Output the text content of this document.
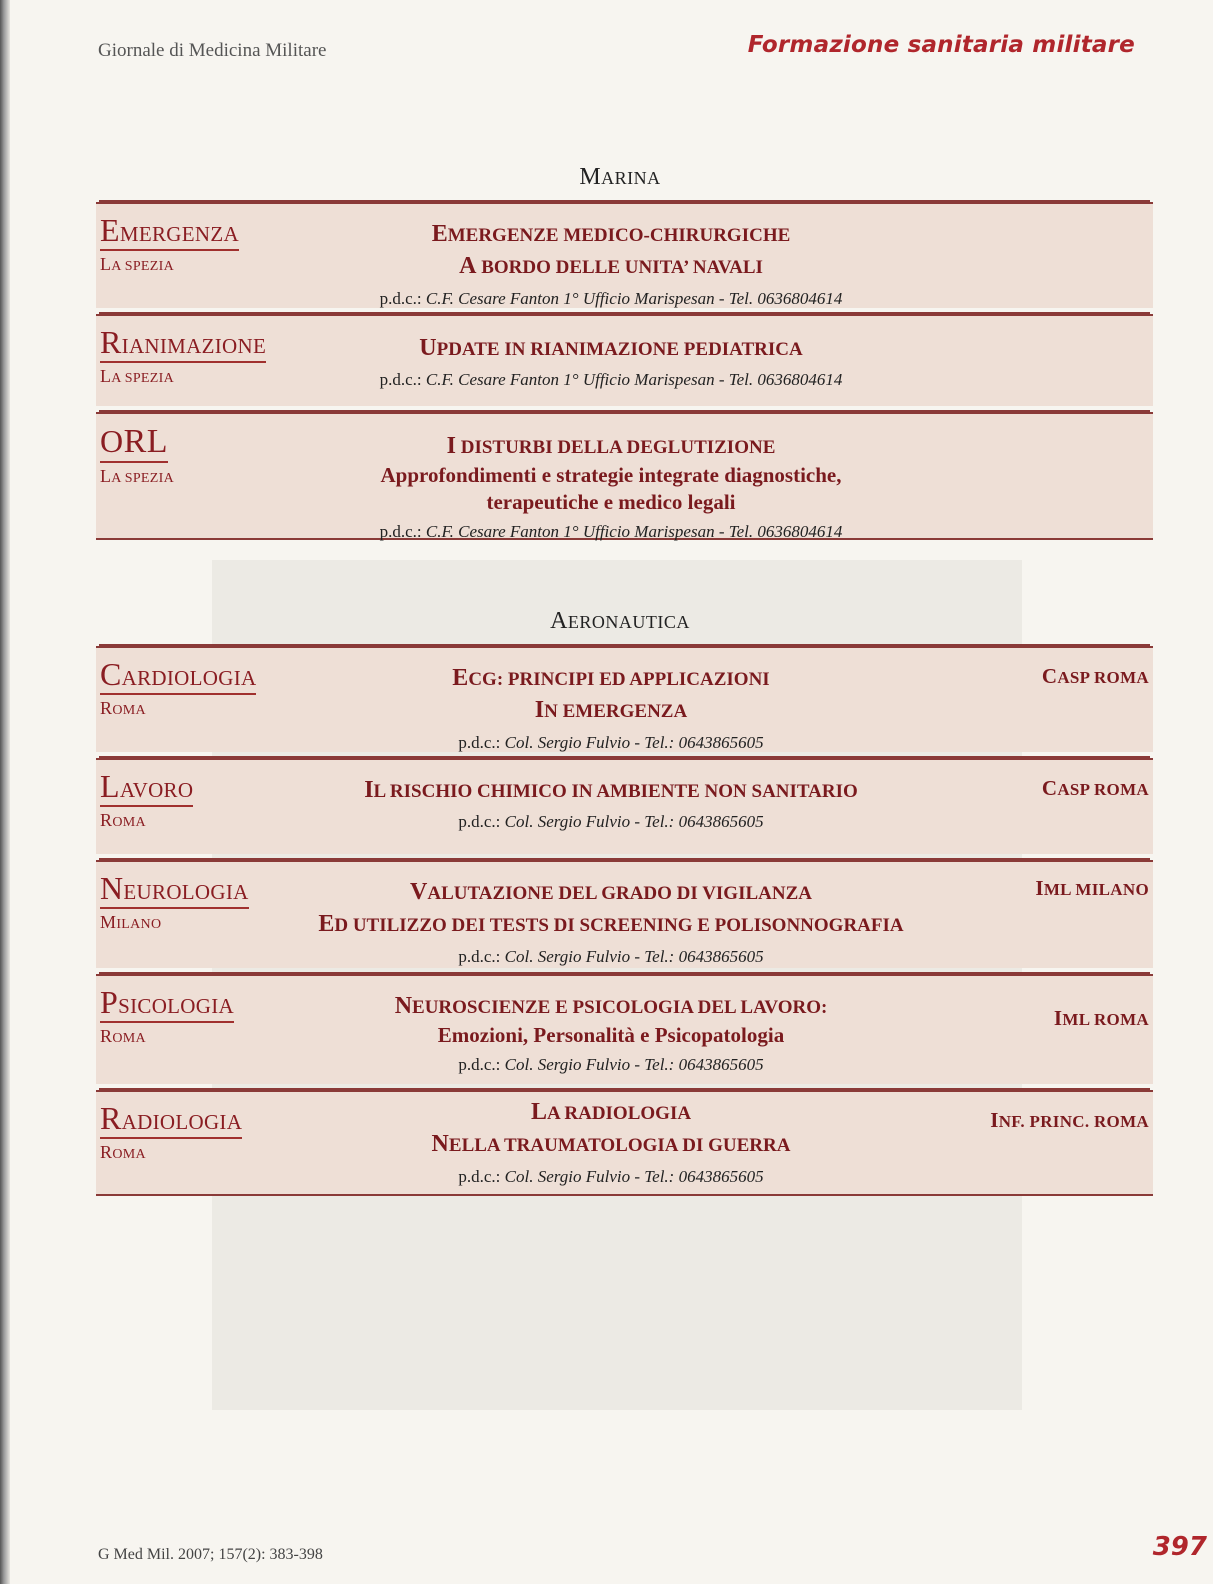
Giornale di Medicina Militare	Formazione sanitaria militare
MARINA
EMERGENZA
LA SPEZIA
EMERGENZE MEDICO-CHIRURGICHE
A BORDO DELLE UNITA’ NAVALI
p.d.c.: C.F. Cesare Fanton 1° Ufficio Marispesan - Tel. 0636804614
RIANIMAZIONE
LA SPEZIA
UPDATE IN RIANIMAZIONE PEDIATRICA
p.d.c.: C.F. Cesare Fanton 1° Ufficio Marispesan - Tel. 0636804614
ORL
LA SPEZIA
I DISTURBI DELLA DEGLUTIZIONE
Approfondimenti e strategie integrate diagnostiche,
terapeutiche e medico legali
p.d.c.: C.F. Cesare Fanton 1° Ufficio Marispesan - Tel. 0636804614
AERONAUTICA
CARDIOLOGIA
ROMA
ECG: PRINCIPI ED APPLICAZIONI
IN EMERGENZA
p.d.c.: Col. Sergio Fulvio - Tel.: 0643865605
CASP ROMA
LAVORO
ROMA
IL RISCHIO CHIMICO IN AMBIENTE NON SANITARIO
p.d.c.: Col. Sergio Fulvio - Tel.: 0643865605
CASP ROMA
NEUROLOGIA
MILANO
VALUTAZIONE DEL GRADO DI VIGILANZA
ED UTILIZZO DEI TESTS DI SCREENING E POLISONNOGRAFIA
p.d.c.: Col. Sergio Fulvio - Tel.: 0643865605
IML MILANO
PSICOLOGIA
ROMA
NEUROSCIENZE E PSICOLOGIA DEL LAVORO:
Emozioni, Personalità e Psicopatologia
p.d.c.: Col. Sergio Fulvio - Tel.: 0643865605
IML ROMA
RADIOLOGIA
ROMA
LA RADIOLOGIA
NELLA TRAUMATOLOGIA DI GUERRA
p.d.c.: Col. Sergio Fulvio - Tel.: 0643865605
INF. PRINC. ROMA
G Med Mil. 2007; 157(2): 383-398	397
